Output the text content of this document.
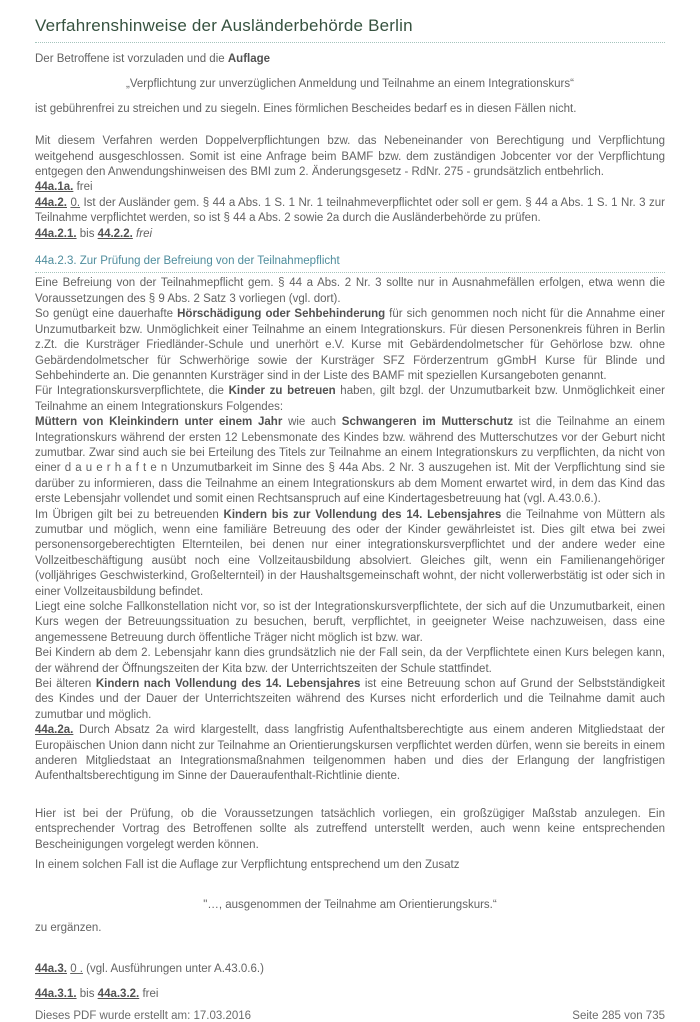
Verfahrenshinweise der Ausländerbehörde Berlin
Der Betroffene ist vorzuladen und die Auflage
„Verpflichtung zur unverzüglichen Anmeldung und Teilnahme an einem Integrationskurs“
ist gebührenfrei zu streichen und zu siegeln. Eines förmlichen Bescheides bedarf es in diesen Fällen nicht.
Mit diesem Verfahren werden Doppelverpflichtungen bzw. das Nebeneinander von Berechtigung und Verpflichtung weitgehend ausgeschlossen. Somit ist eine Anfrage beim BAMF bzw. dem zuständigen Jobcenter vor der Verpflichtung entgegen den Anwendungshinweisen des BMI zum 2. Änderungsgesetz - RdNr. 275 - grundsätzlich entbehrlich.
44a.1a. frei
44a.2. 0. Ist der Ausländer gem. § 44 a Abs. 1 S. 1 Nr. 1 teilnahmeverpflichtet oder soll er gem. § 44 a Abs. 1 S. 1 Nr. 3 zur Teilnahme verpflichtet werden, so ist § 44 a Abs. 2 sowie 2a durch die Ausländerbehörde zu prüfen.
44a.2.1. bis 44.2.2. frei
44a.2.3. Zur Prüfung der Befreiung von der Teilnahmepflicht
Eine Befreiung von der Teilnahmepflicht gem. § 44 a Abs. 2 Nr. 3 sollte nur in Ausnahmefällen erfolgen, etwa wenn die Voraussetzungen des § 9 Abs. 2 Satz 3 vorliegen (vgl. dort).
So genügt eine dauerhafte Hörschädigung oder Sehbehinderung für sich genommen noch nicht für die Annahme einer Unzumutbarkeit bzw. Unmöglichkeit einer Teilnahme an einem Integrationskurs. Für diesen Personenkreis führen in Berlin z.Zt. die Kursträger Friedländer-Schule und unerhört e.V. Kurse mit Gebärdendolmetscher für Gehörlose bzw. ohne Gebärdendolmetscher für Schwerhörige sowie der Kursträger SFZ Förderzentrum gGmbH Kurse für Blinde und Sehbehinderte an. Die genannten Kursträger sind in der Liste des BAMF mit speziellen Kursangeboten genannt.
Für Integrationskursverpflichtete, die Kinder zu betreuen haben, gilt bzgl. der Unzumutbarkeit bzw. Unmöglichkeit einer Teilnahme an einem Integrationskurs Folgendes:
Müttern von Kleinkindern unter einem Jahr wie auch Schwangeren im Mutterschutz ist die Teilnahme an einem Integrationskurs während der ersten 12 Lebensmonate des Kindes bzw. während des Mutterschutzes vor der Geburt nicht zumutbar. Zwar sind auch sie bei Erteilung des Titels zur Teilnahme an einem Integrationskurs zu verpflichten, da nicht von einer d a u e r h a f t e n Unzumutbarkeit im Sinne des § 44a Abs. 2 Nr. 3 auszugehen ist. Mit der Verpflichtung sind sie darüber zu informieren, dass die Teilnahme an einem Integrationskurs ab dem Moment erwartet wird, in dem das Kind das erste Lebensjahr vollendet und somit einen Rechtsanspruch auf eine Kindertagesbetreuung hat (vgl. A.43.0.6.).
Im Übrigen gilt bei zu betreuenden Kindern bis zur Vollendung des 14. Lebensjahres die Teilnahme von Müttern als zumutbar und möglich, wenn eine familiäre Betreuung des oder der Kinder gewährleistet ist. Dies gilt etwa bei zwei personensorgeberechtigten Elternteilen, bei denen nur einer integrationskursverpflichtet und der andere weder eine Vollzeitbeschäftigung ausübt noch eine Vollzeitausbildung absolviert. Gleiches gilt, wenn ein Familienangehöriger (volljähriges Geschwisterkind, Großelternteil) in der Haushaltsgemeinschaft wohnt, der nicht vollerwerbstätig ist oder sich in einer Vollzeitausbildung befindet.
Liegt eine solche Fallkonstellation nicht vor, so ist der Integrationskursverpflichtete, der sich auf die Unzumutbarkeit, einen Kurs wegen der Betreuungssituation zu besuchen, beruft, verpflichtet, in geeigneter Weise nachzuweisen, dass eine angemessene Betreuung durch öffentliche Träger nicht möglich ist bzw. war.
Bei Kindern ab dem 2. Lebensjahr kann dies grundsätzlich nie der Fall sein, da der Verpflichtete einen Kurs belegen kann, der während der Öffnungszeiten der Kita bzw. der Unterrichtszeiten der Schule stattfindet.
Bei älteren Kindern nach Vollendung des 14. Lebensjahres ist eine Betreuung schon auf Grund der Selbstständigkeit des Kindes und der Dauer der Unterrichtszeiten während des Kurses nicht erforderlich und die Teilnahme damit auch zumutbar und möglich.
44a.2a. Durch Absatz 2a wird klargestellt, dass langfristig Aufenthaltsberechtigte aus einem anderen Mitgliedstaat der Europäischen Union dann nicht zur Teilnahme an Orientierungskursen verpflichtet werden dürfen, wenn sie bereits in einem anderen Mitgliedstaat an Integrationsmaßnahmen teilgenommen haben und dies der Erlangung der langfristigen Aufenthaltsberechtigung im Sinne der Daueraufenthalt-Richtlinie diente.
Hier ist bei der Prüfung, ob die Voraussetzungen tatsächlich vorliegen, ein großzügiger Maßstab anzulegen. Ein entsprechender Vortrag des Betroffenen sollte als zutreffend unterstellt werden, auch wenn keine entsprechenden Bescheinigungen vorgelegt werden können.
In einem solchen Fall ist die Auflage zur Verpflichtung entsprechend um den Zusatz
"…, ausgenommen der Teilnahme am Orientierungskurs.“
zu ergänzen.
44a.3. 0 . (vgl. Ausführungen unter A.43.0.6.)
44a.3.1. bis 44a.3.2. frei
Dieses PDF wurde erstellt am: 17.03.2016	Seite 285 von 735
